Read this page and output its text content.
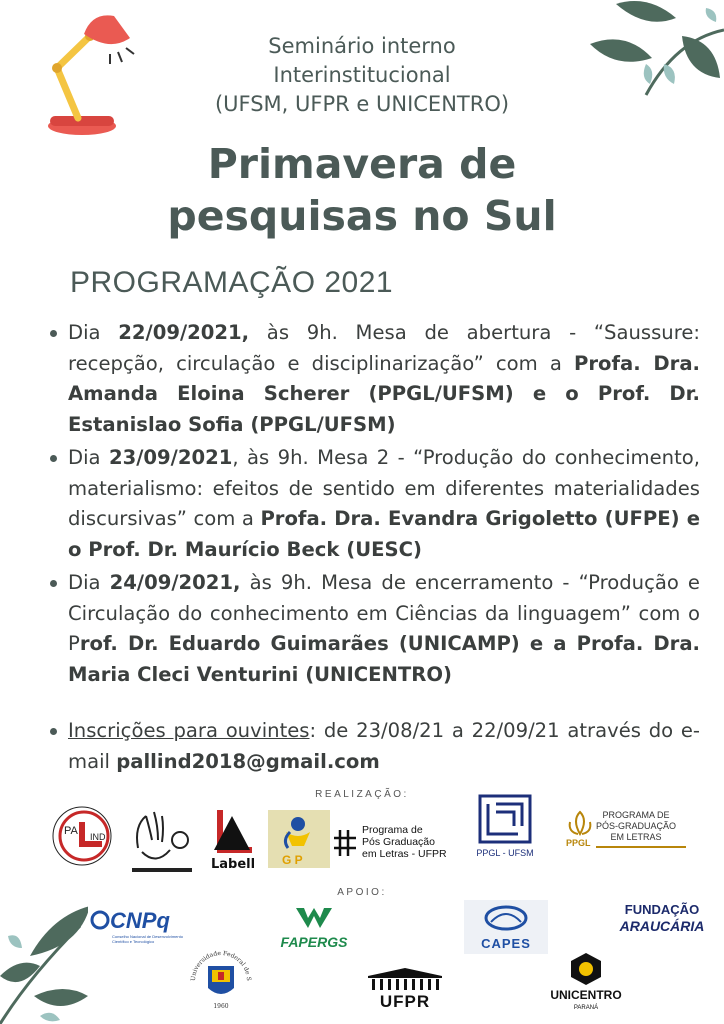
Seminário interno
Interinstitucional
(UFSM, UFPR e UNICENTRO)
Primavera de
pesquisas no Sul
PROGRAMAÇÃO 2021
Dia 22/09/2021, às 9h. Mesa de abertura - “Saussure: recepção, circulação e disciplinarização” com a Profa. Dra. Amanda Eloina Scherer (PPGL/UFSM) e o Prof. Dr. Estanislao Sofia (PPGL/UFSM)
Dia 23/09/2021, às 9h. Mesa 2 - “Produção do conhecimento, materialismo: efeitos de sentido em diferentes materialidades discursivas” com a Profa. Dra. Evandra Grigoletto (UFPE) e o Prof. Dr. Maurício Beck (UESC)
Dia 24/09/2021, às 9h. Mesa de encerramento - “Produção e Circulação do conhecimento em Ciências da linguagem” com o Prof. Dr. Eduardo Guimarães (UNICAMP) e a Profa. Dra. Maria Cleci Venturini (UNICENTRO)
Inscrições para ouvintes: de 23/08/21 a 22/09/21 através do e-mail pallind2018@gmail.com
REALIZAÇÃO:
PA IND
Labell G P
Programa de
Pós Graduação
em Letras - UFPR	PPGL - UFSM
PPGL
PROGRAMA DE
PÓS-GRADUAÇÃO
EM LETRAS
APOIO:
CNPq
Conselho Nacional de Desenvolvimento Científico e Tecnológico	FAPERGS	CAPES
FUNDAÇÃO
ARAUCÁRIA
Universidade Federal de S
1960	UFPR	UNICENTRO
PARANÁ
